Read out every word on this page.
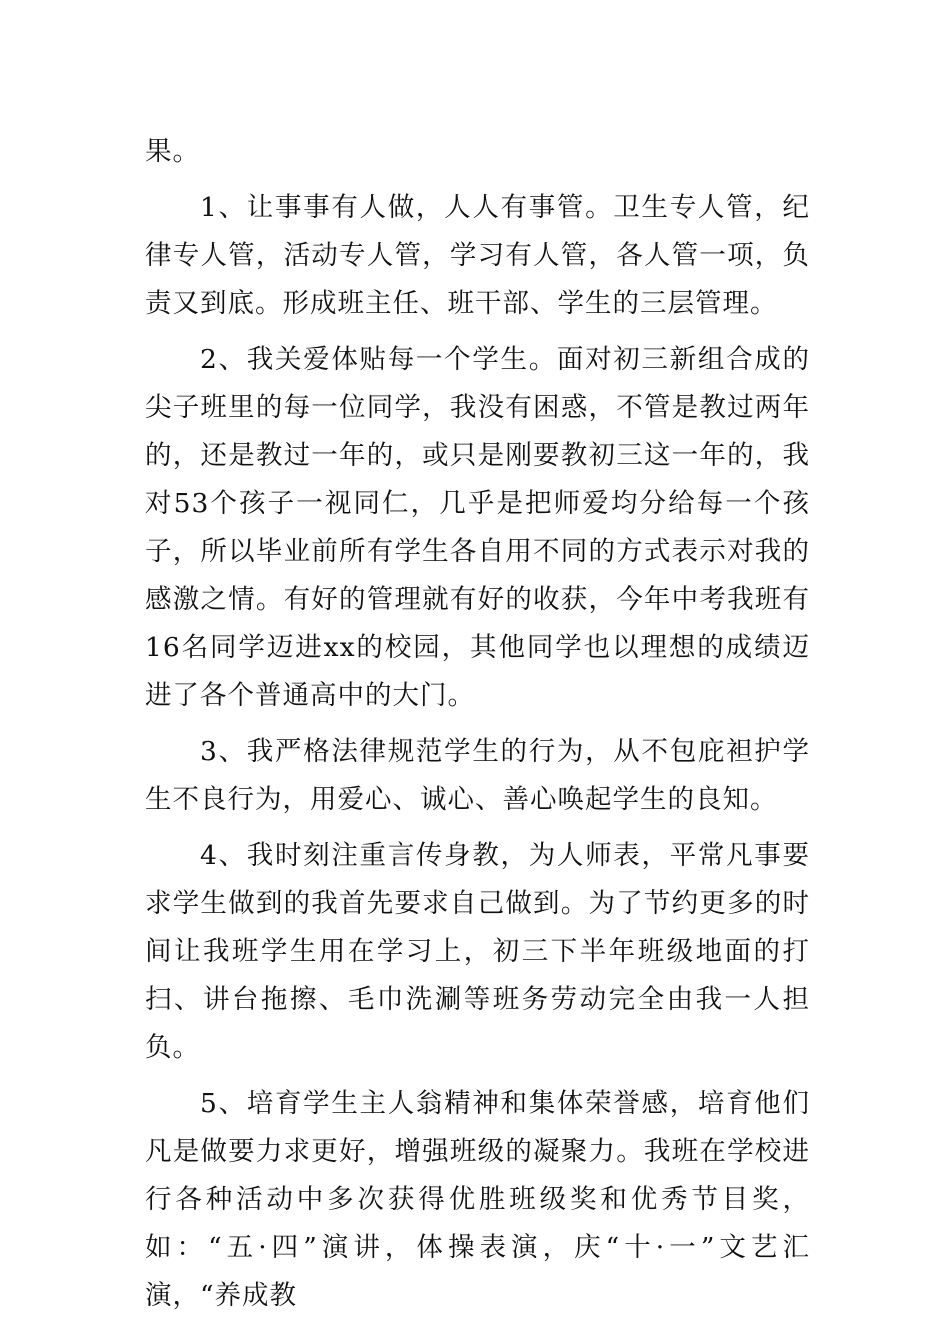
果。

1、让事事有人做，人人有事管。卫生专人管，纪律专人管，活动专人管，学习有人管，各人管一项，负责又到底。形成班主任、班干部、学生的三层管理。

2、我关爱体贴每一个学生。面对初三新组合成的尖子班里的每一位同学，我没有困惑，不管是教过两年的，还是教过一年的，或只是刚要教初三这一年的，我对53个孩子一视同仁，几乎是把师爱均分给每一个孩子，所以毕业前所有学生各自用不同的方式表示对我的感激之情。有好的管理就有好的收获，今年中考我班有16名同学迈进xx的校园，其他同学也以理想的成绩迈进了各个普通高中的大门。

3、我严格法律规范学生的行为，从不包庇袒护学生不良行为，用爱心、诚心、善心唤起学生的良知。

4、我时刻注重言传身教，为人师表，平常凡事要求学生做到的我首先要求自己做到。为了节约更多的时间让我班学生用在学习上，初三下半年班级地面的打扫、讲台拖擦、毛巾洗涮等班务劳动完全由我一人担负。

5、培育学生主人翁精神和集体荣誉感，培育他们凡是做要力求更好，增强班级的凝聚力。我班在学校进行各种活动中多次获得优胜班级奖和优秀节目奖，如：“五·四”演讲，体操表演，庆“十·一”文艺汇演，“养成教
